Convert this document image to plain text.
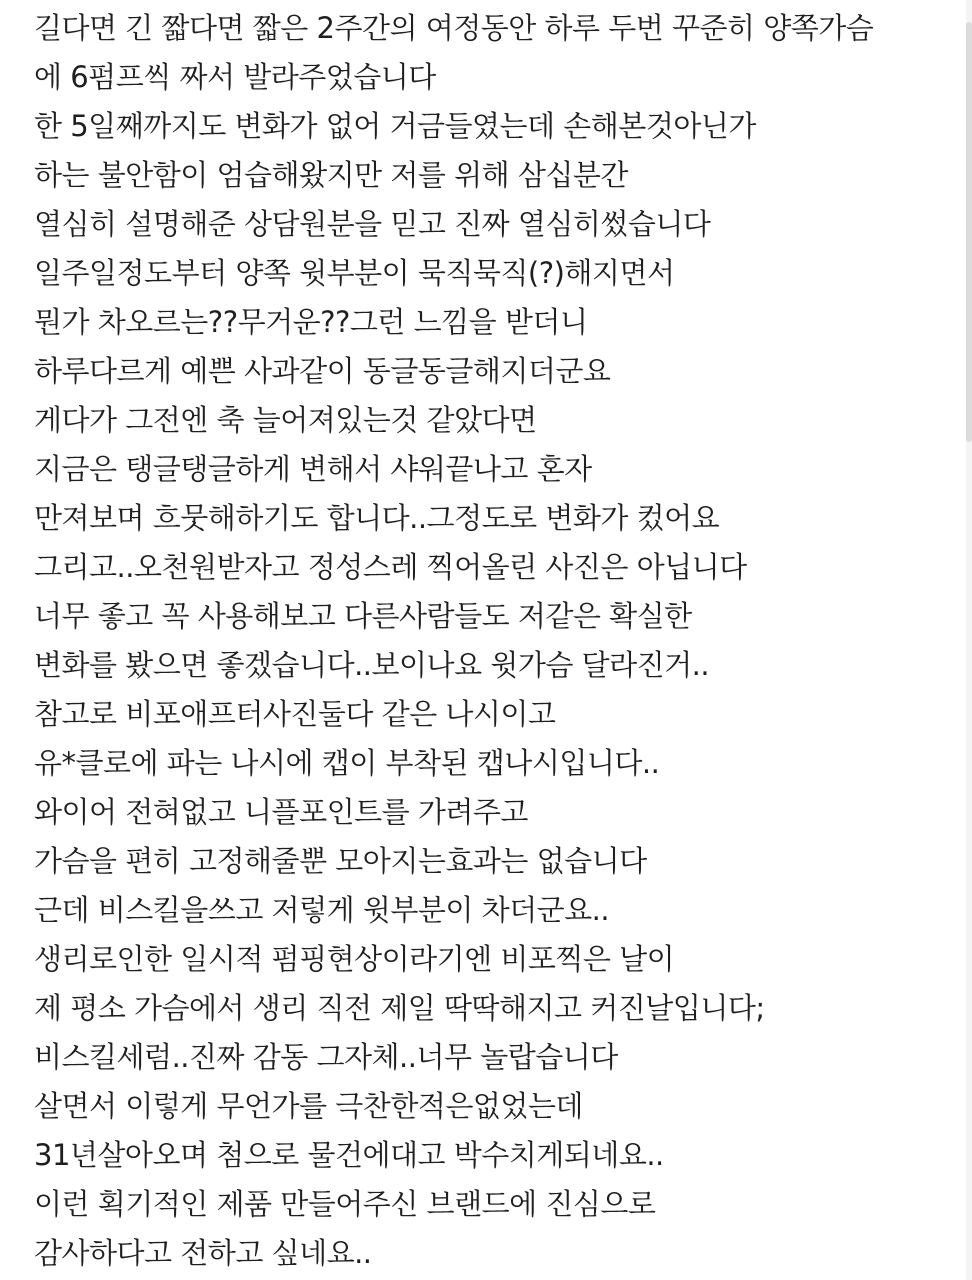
길다면 긴 짧다면 짧은 2주간의 여정동안 하루 두번 꾸준히 양쪽가슴

에 6펌프씩 짜서 발라주었습니다

한 5일째까지도 변화가 없어 거금들였는데 손해본것아닌가

하는 불안함이 엄습해왔지만 저를 위해 삼십분간

열심히 설명해준 상담원분을 믿고 진짜 열심히썼습니다

일주일정도부터 양쪽 윗부분이 묵직묵직(?)해지면서

뭔가 차오르는??무거운??그런 느낌을 받더니

하루다르게 예쁜 사과같이 동글동글해지더군요

게다가 그전엔 축 늘어져있는것 같았다면

지금은 탱글탱글하게 변해서 샤워끝나고 혼자

만져보며 흐뭇해하기도 합니다..그정도로 변화가 컸어요

그리고..오천원받자고 정성스레 찍어올린 사진은 아닙니다

너무 좋고 꼭 사용해보고 다른사람들도 저같은 확실한

변화를 봤으면 좋겠습니다..보이나요 윗가슴 달라진거..

참고로 비포애프터사진둘다 같은 나시이고

유*클로에 파는 나시에 캡이 부착된 캡나시입니다..

와이어 전혀없고 니플포인트를 가려주고

가슴을 편히 고정해줄뿐 모아지는효과는 없습니다

근데 비스킬을쓰고 저렇게 윗부분이 차더군요..

생리로인한 일시적 펌핑현상이라기엔 비포찍은 날이

제 평소 가슴에서 생리 직전 제일 딱딱해지고 커진날입니다;

비스킬세럼..진짜 감동 그자체..너무 놀랍습니다

살면서 이렇게 무언가를 극찬한적은없었는데

31년살아오며 첨으로 물건에대고 박수치게되네요..

이런 획기적인 제품 만들어주신 브랜드에 진심으로

감사하다고 전하고 싶네요..
